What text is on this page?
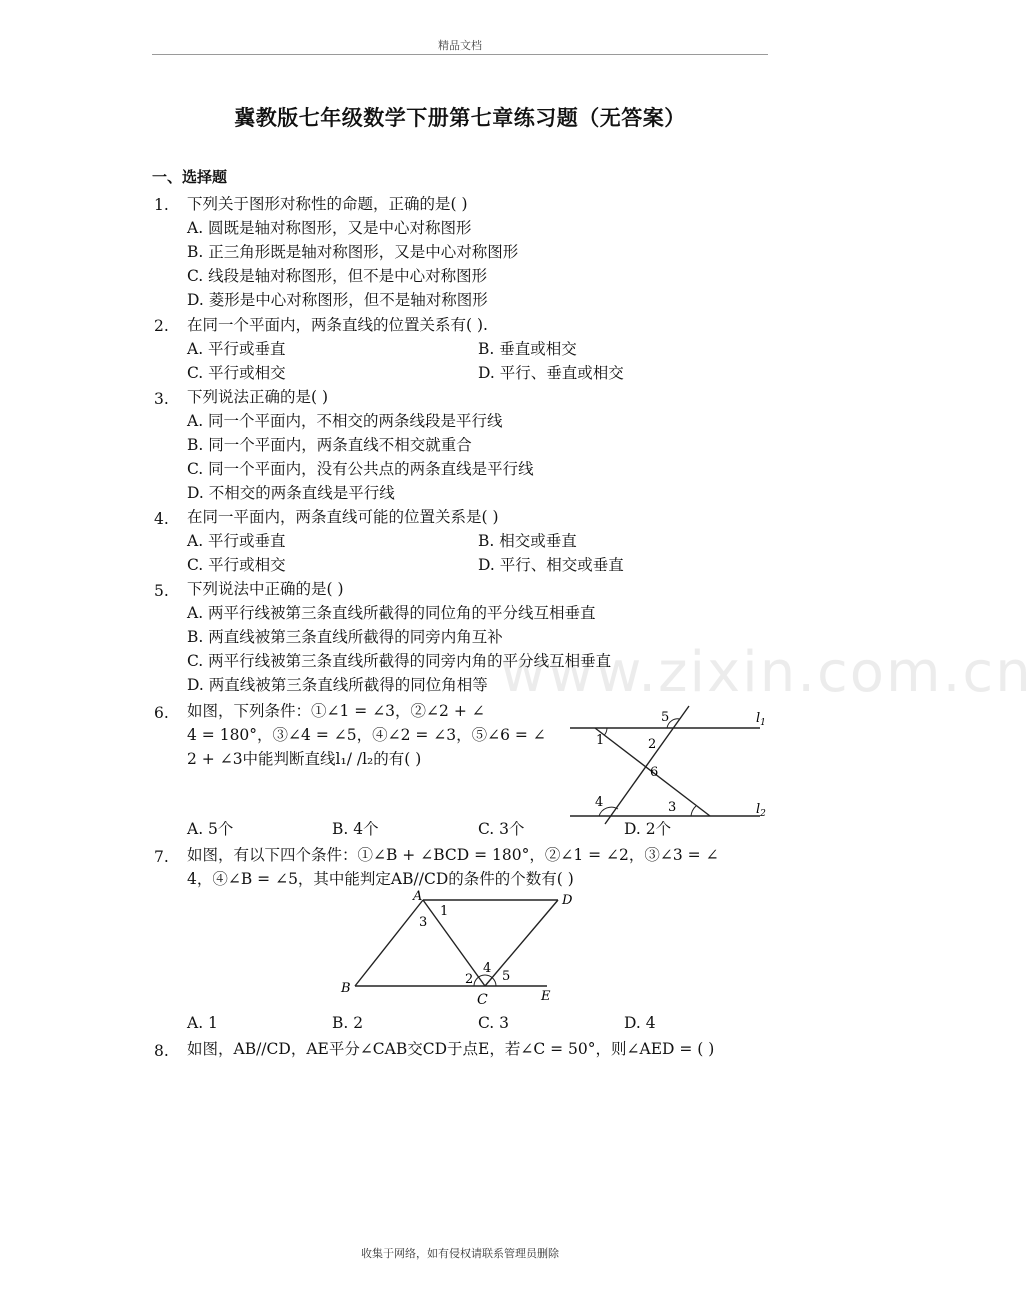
精品文档
冀教版七年级数学下册第七章练习题（无答案）
一、选择题
1. 下列关于图形对称性的命题，正确的是( )
A. 圆既是轴对称图形，又是中心对称图形
B. 正三角形既是轴对称图形，又是中心对称图形
C. 线段是轴对称图形，但不是中心对称图形
D. 菱形是中心对称图形，但不是轴对称图形
2. 在同一个平面内，两条直线的位置关系有( ).
A. 平行或垂直	B. 垂直或相交
C. 平行或相交	D. 平行、垂直或相交
3. 下列说法正确的是( )
A. 同一个平面内，不相交的两条线段是平行线
B. 同一个平面内，两条直线不相交就重合
C. 同一个平面内，没有公共点的两条直线是平行线
D. 不相交的两条直线是平行线
4. 在同一平面内，两条直线可能的位置关系是( )
A. 平行或垂直	B. 相交或垂直
C. 平行或相交	D. 平行、相交或垂直
5. 下列说法中正确的是( )
A. 两平行线被第三条直线所截得的同位角的平分线互相垂直
B. 两直线被第三条直线所截得的同旁内角互补
C. 两平行线被第三条直线所截得的同旁内角的平分线互相垂直
D. 两直线被第三条直线所截得的同位角相等 www.zixin.com.cn
6. 如图，下列条件：①∠1 = ∠3，②∠2 + ∠
4 = 180°，③∠4 = ∠5，④∠2 = ∠3，⑤∠6 = ∠
2 + ∠3中能判断直线l₁/ /l₂的有( )
$l_1$
$l_2$
1	2
3
4
5
6
A. 5个	B. 4个	C. 3个	D. 2个
7. 如图，有以下四个条件：①∠B + ∠BCD = 180°，②∠1 = ∠2，③∠3 = ∠
4，④∠B = ∠5，其中能判定AB//CD的条件的个数有( )
A
B
C
D
E
1
2
3
4
5
A. 1	B. 2	C. 3	D. 4
8. 如图，AB//CD，AE平分∠CAB交CD于点E，若∠C = 50°，则∠AED = ( )
收集于网络，如有侵权请联系管理员删除
